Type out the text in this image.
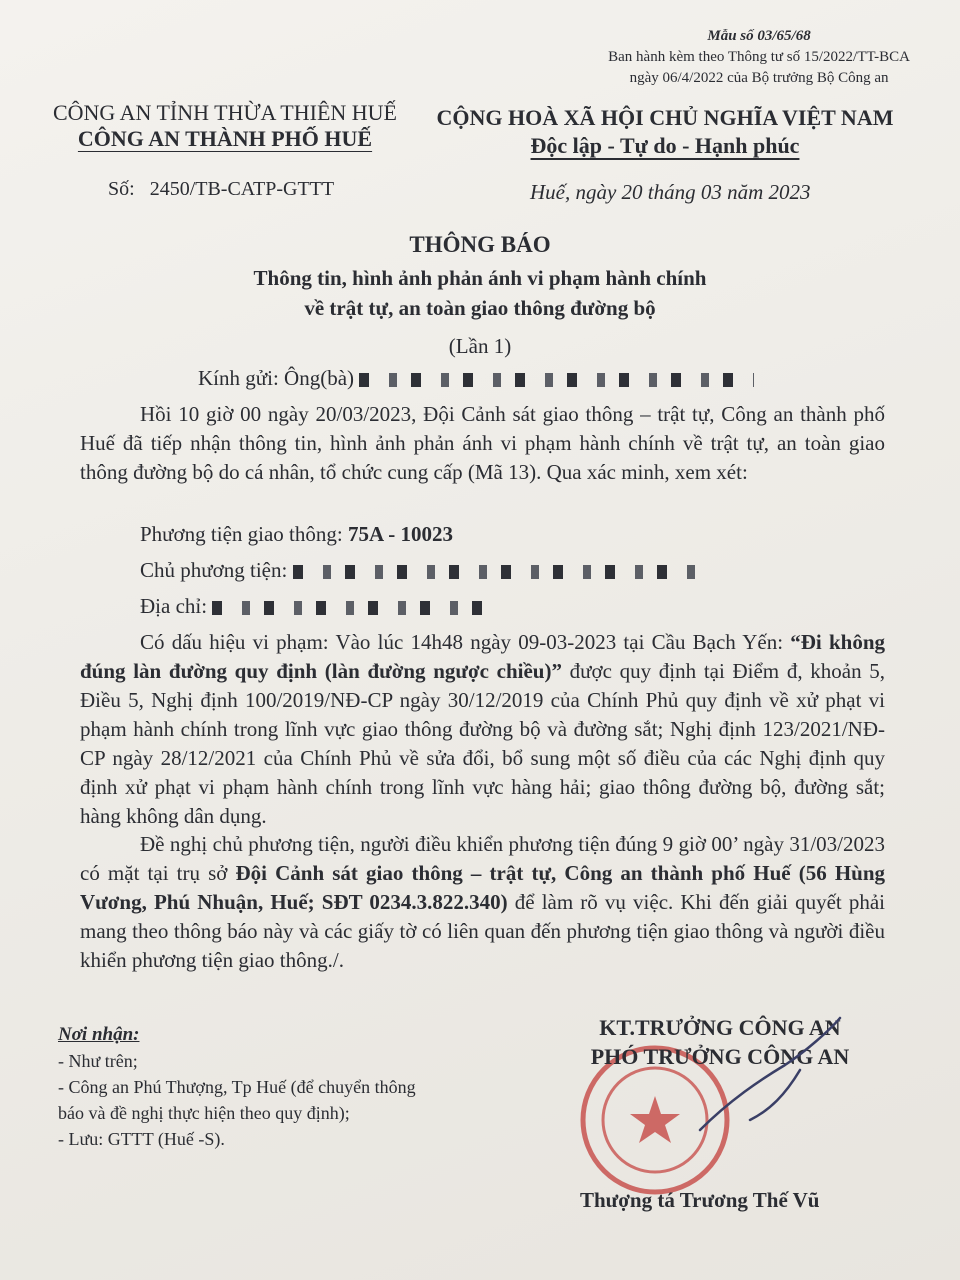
Mẫu số 03/65/68
Ban hành kèm theo Thông tư số 15/2022/TT-BCA
ngày 06/4/2022 của Bộ trưởng Bộ Công an
CÔNG AN TỈNH THỪA THIÊN HUẾ
CÔNG AN THÀNH PHỐ HUẾ
CỘNG HOÀ XÃ HỘI CHỦ NGHĨA VIỆT NAM
Độc lập - Tự do - Hạnh phúc
Số: 2450/TB-CATP-GTTT	Huế, ngày 20 tháng 03 năm 2023
THÔNG BÁO
Thông tin, hình ảnh phản ánh vi phạm hành chính
về trật tự, an toàn giao thông đường bộ
(Lần 1)
Kính gửi: Ông(bà)
Hồi 10 giờ 00 ngày 20/03/2023, Đội Cảnh sát giao thông – trật tự, Công an thành phố Huế đã tiếp nhận thông tin, hình ảnh phản ánh vi phạm hành chính về trật tự, an toàn giao thông đường bộ do cá nhân, tổ chức cung cấp (Mã 13). Qua xác minh, xem xét:
Phương tiện giao thông: 75A - 10023
Chủ phương tiện:
Địa chỉ:
Có dấu hiệu vi phạm: Vào lúc 14h48 ngày 09-03-2023 tại Cầu Bạch Yến: “Đi không đúng làn đường quy định (làn đường ngược chiều)” được quy định tại Điểm đ, khoản 5, Điều 5, Nghị định 100/2019/NĐ-CP ngày 30/12/2019 của Chính Phủ quy định về xử phạt vi phạm hành chính trong lĩnh vực giao thông đường bộ và đường sắt; Nghị định 123/2021/NĐ-CP ngày 28/12/2021 của Chính Phủ về sửa đổi, bổ sung một số điều của các Nghị định quy định xử phạt vi phạm hành chính trong lĩnh vực hàng hải; giao thông đường bộ, đường sắt; hàng không dân dụng.
Đề nghị chủ phương tiện, người điều khiển phương tiện đúng 9 giờ 00’ ngày 31/03/2023 có mặt tại trụ sở Đội Cảnh sát giao thông – trật tự, Công an thành phố Huế (56 Hùng Vương, Phú Nhuận, Huế; SĐT 0234.3.822.340) để làm rõ vụ việc. Khi đến giải quyết phải mang theo thông báo này và các giấy tờ có liên quan đến phương tiện giao thông và người điều khiển phương tiện giao thông./.
Nơi nhận:
- Như trên;
- Công an Phú Thượng, Tp Huế (để chuyển thông
báo và đề nghị thực hiện theo quy định);
- Lưu: GTTT (Huế -S).
KT.TRƯỞNG CÔNG AN
PHÓ TRƯỞNG CÔNG AN
Thượng tá Trương Thế Vũ
